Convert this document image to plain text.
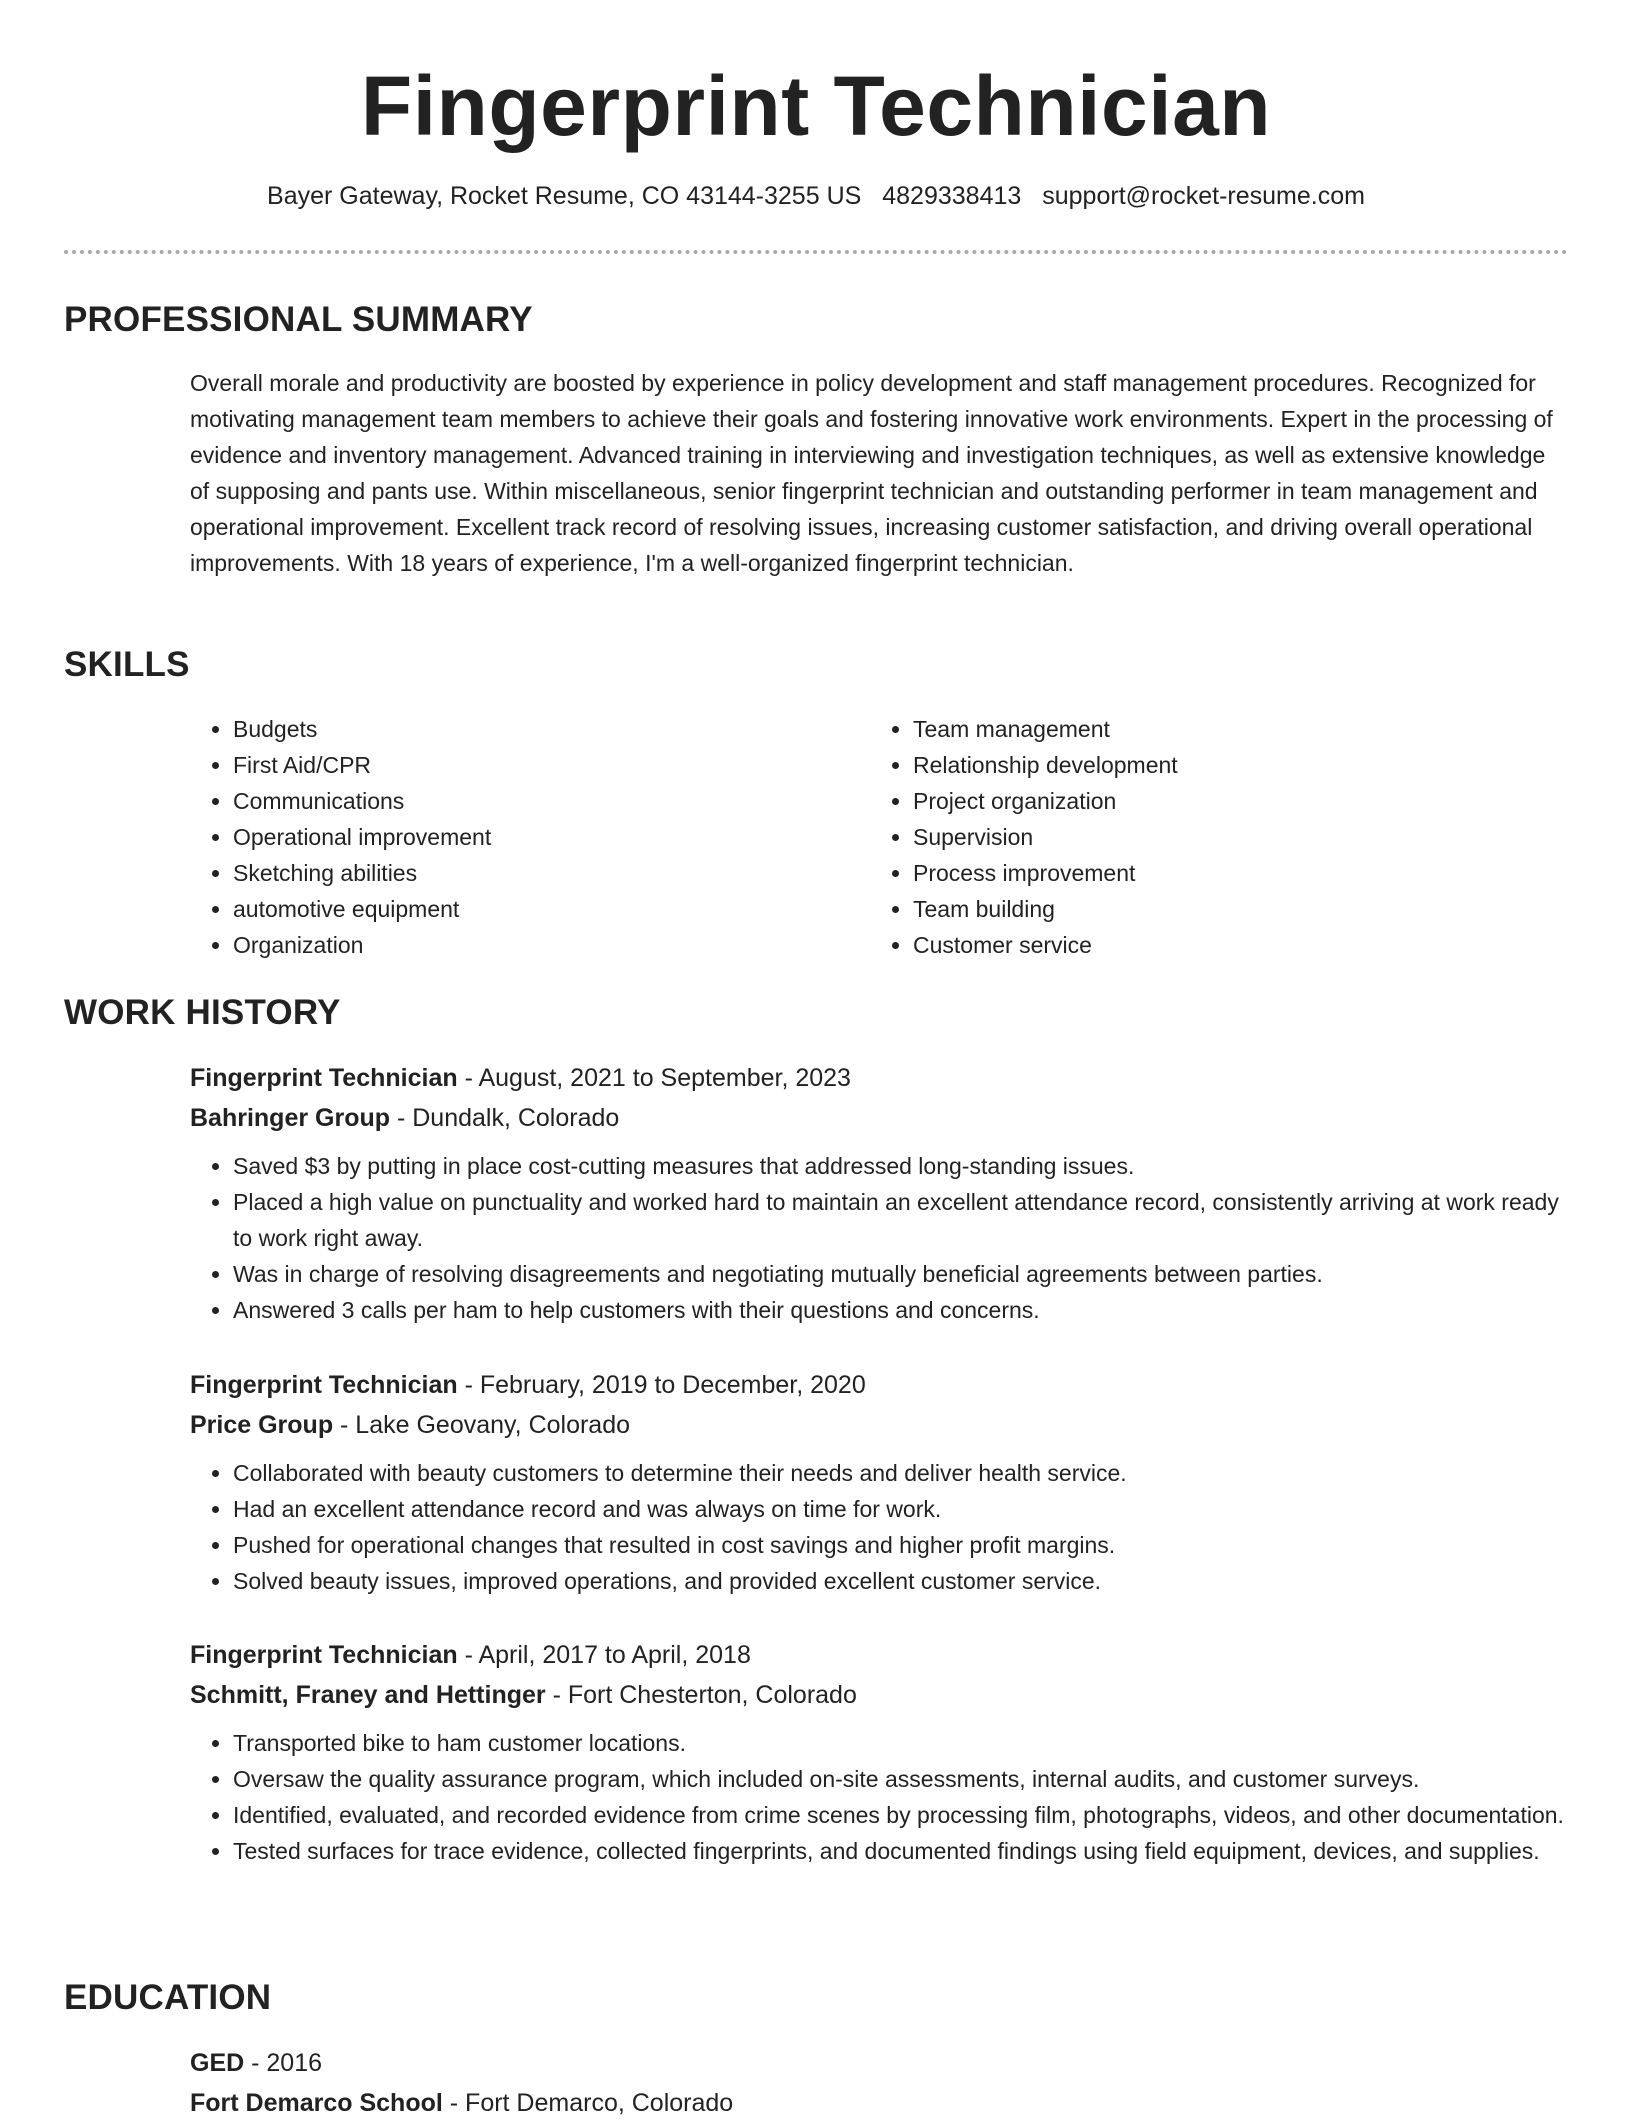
Fingerprint Technician
Bayer Gateway, Rocket Resume, CO 43144-3255 US 4829338413 support@rocket-resume.com
PROFESSIONAL SUMMARY

Overall morale and productivity are boosted by experience in policy development and staff management procedures. Recognized for motivating management team members to achieve their goals and fostering innovative work environments. Expert in the processing of evidence and inventory management. Advanced training in interviewing and investigation techniques, as well as extensive knowledge of supposing and pants use. Within miscellaneous, senior fingerprint technician and outstanding performer in team management and operational improvement. Excellent track record of resolving issues, increasing customer satisfaction, and driving overall operational improvements. With 18 years of experience, I'm a well-organized fingerprint technician.

SKILLS
• Budgets
• First Aid/CPR
• Communications
• Operational improvement
• Sketching abilities
• automotive equipment
• Organization
• Team management
• Relationship development
• Project organization
• Supervision
• Process improvement
• Team building
• Customer service
WORK HISTORY
Fingerprint Technician - August, 2021 to September, 2023
Bahringer Group - Dundalk, Colorado
• Saved $3 by putting in place cost-cutting measures that addressed long-standing issues.
• Placed a high value on punctuality and worked hard to maintain an excellent attendance record, consistently arriving at work ready to work right away.
• Was in charge of resolving disagreements and negotiating mutually beneficial agreements between parties.
• Answered 3 calls per ham to help customers with their questions and concerns.
Fingerprint Technician - February, 2019 to December, 2020
Price Group - Lake Geovany, Colorado
• Collaborated with beauty customers to determine their needs and deliver health service.
• Had an excellent attendance record and was always on time for work.
• Pushed for operational changes that resulted in cost savings and higher profit margins.
• Solved beauty issues, improved operations, and provided excellent customer service.
Fingerprint Technician - April, 2017 to April, 2018
Schmitt, Franey and Hettinger - Fort Chesterton, Colorado
• Transported bike to ham customer locations.
• Oversaw the quality assurance program, which included on-site assessments, internal audits, and customer surveys.
• Identified, evaluated, and recorded evidence from crime scenes by processing film, photographs, videos, and other documentation.
• Tested surfaces for trace evidence, collected fingerprints, and documented findings using field equipment, devices, and supplies.
EDUCATION
GED - 2016
Fort Demarco School - Fort Demarco, Colorado
